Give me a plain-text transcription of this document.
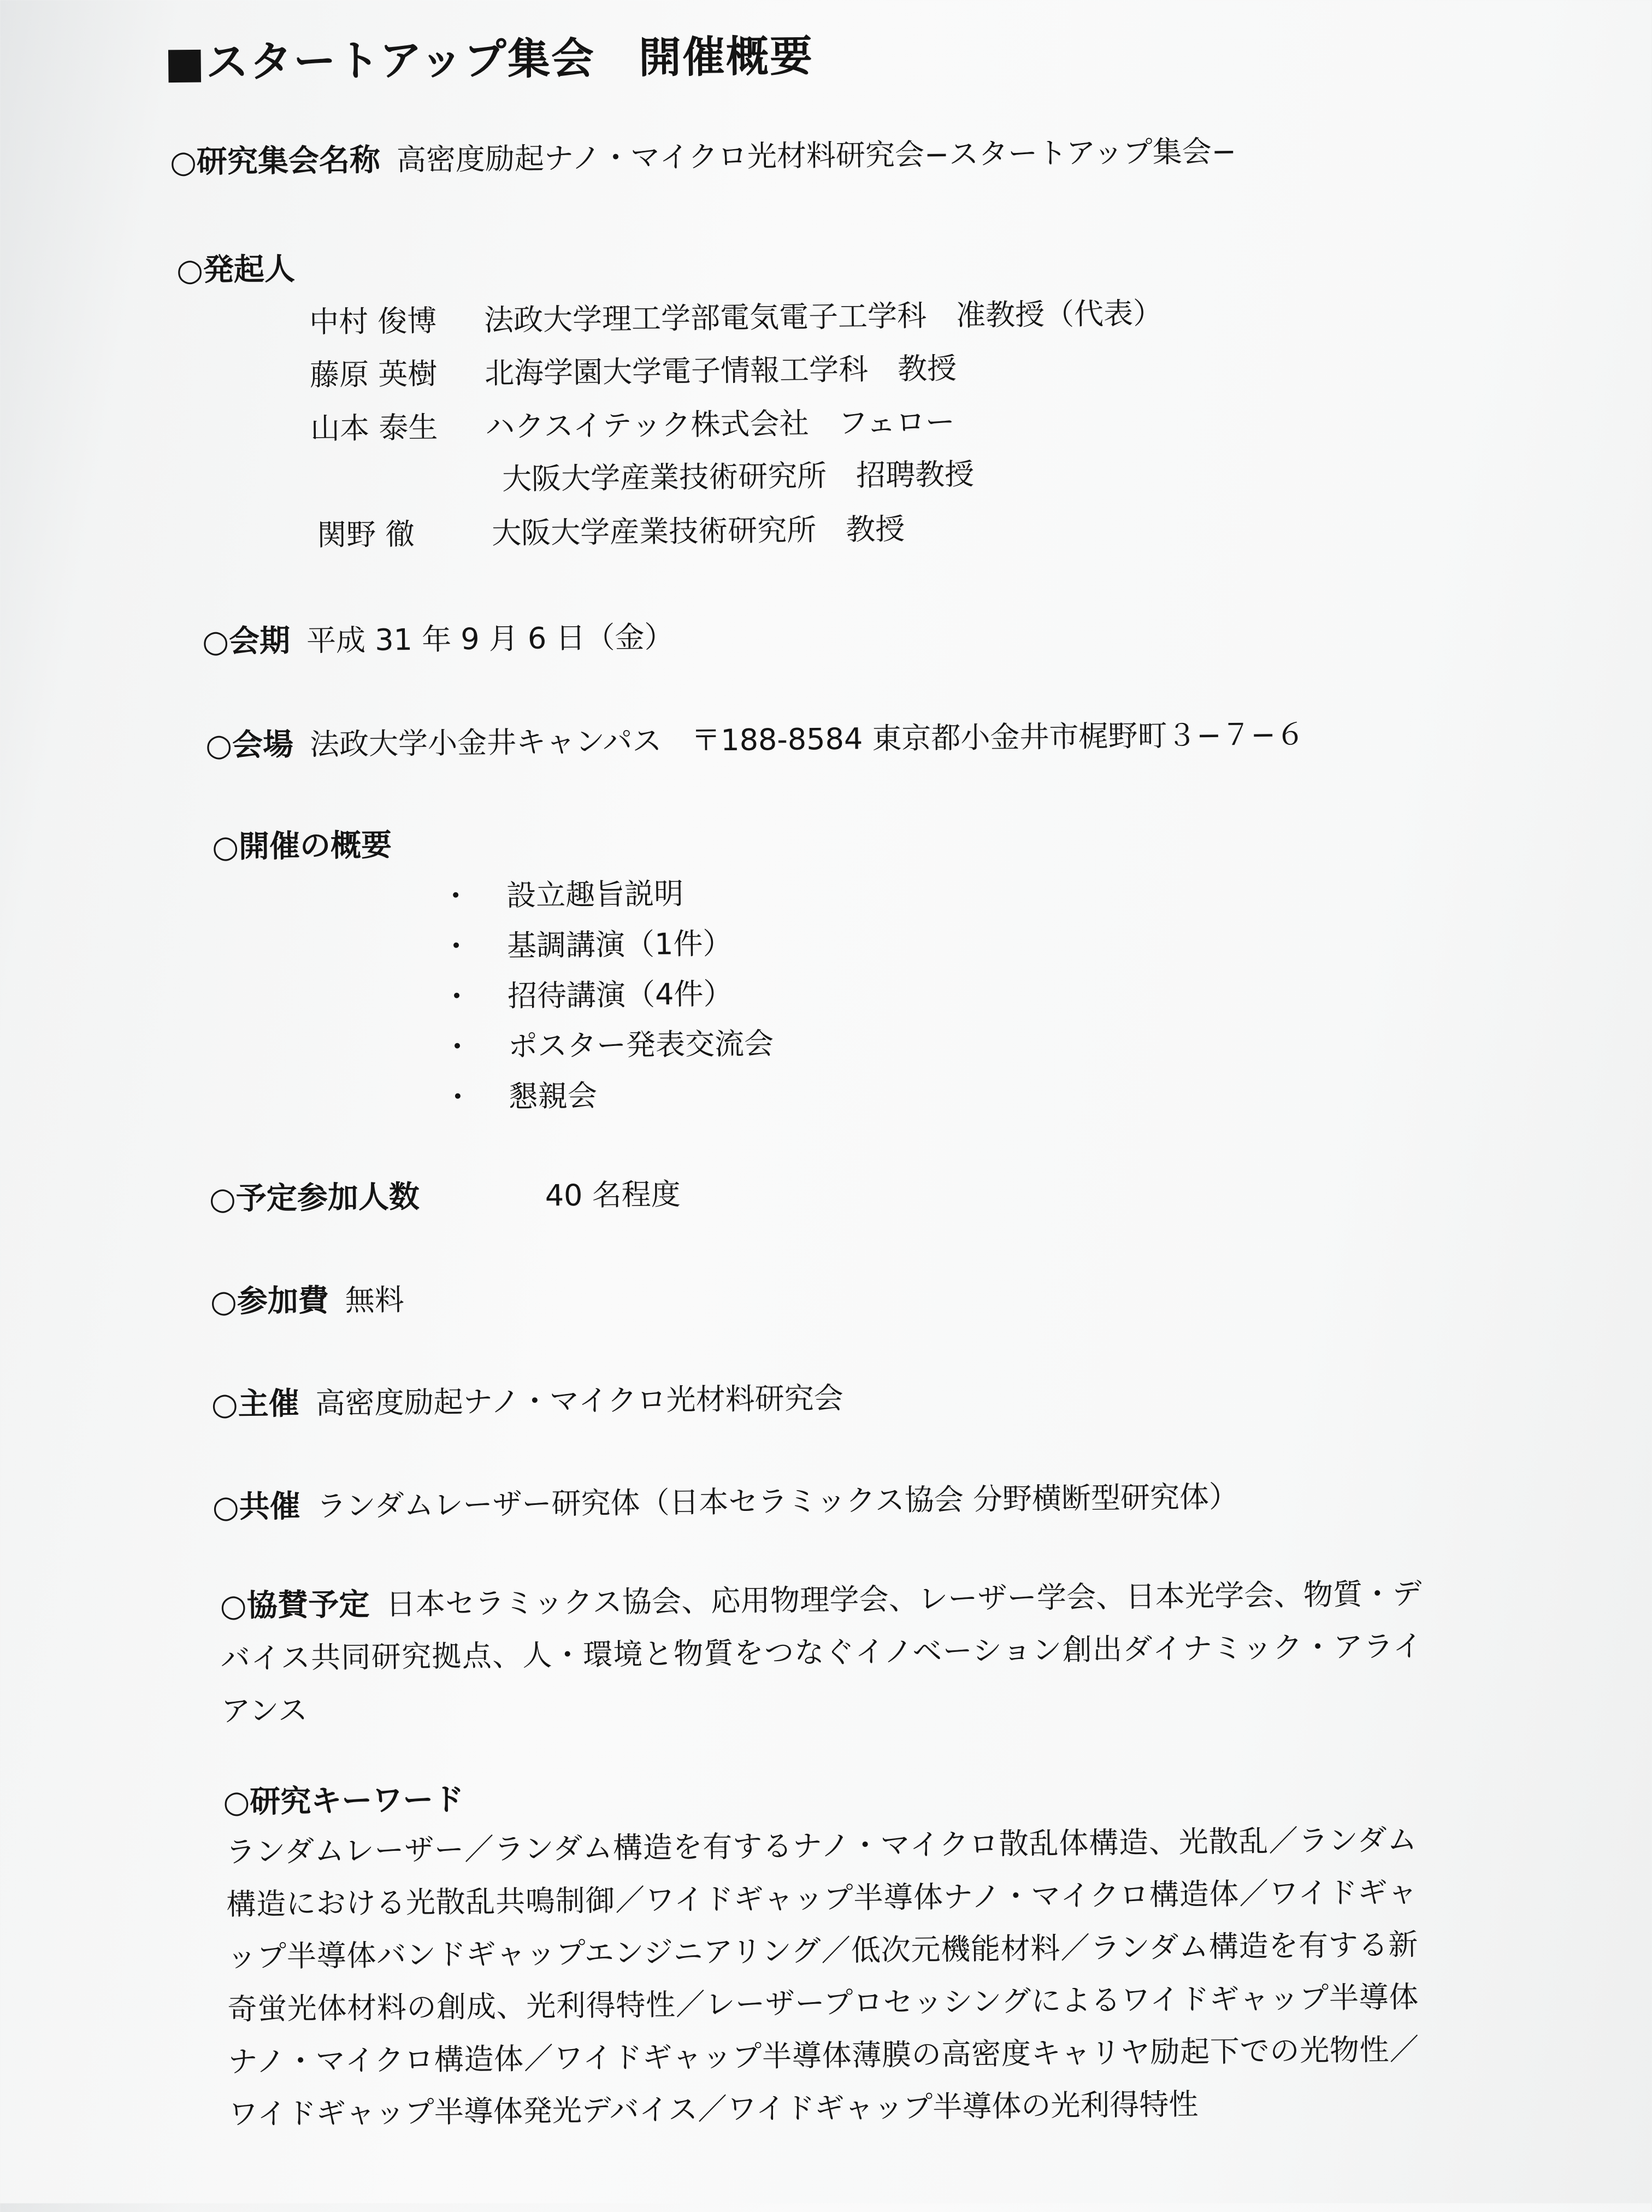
■スタートアップ集会　開催概要
○研究集会名称 高密度励起ナノ・マイクロ光材料研究会−スタートアップ集会−
○発起人
中村 俊博 法政大学理工学部電気電子工学科　准教授（代表）
藤原 英樹 北海学園大学電子情報工学科　教授
山本 泰生 ハクスイテック株式会社　フェロー
大阪大学産業技術研究所　招聘教授
関野 徹	大阪大学産業技術研究所　教授
○会期 平成 31 年 9 月 6 日（金）
○会場 法政大学小金井キャンパス　〒188-8584 東京都小金井市梶野町３−７−６
○開催の概要
・ 設立趣旨説明
・ 基調講演（1件）
・ 招待講演（4件）
・ ポスター発表交流会
・ 懇親会
○予定参加人数	40 名程度
○参加費 無料
○主催 高密度励起ナノ・マイクロ光材料研究会
○共催 ランダムレーザー研究体（日本セラミックス協会 分野横断型研究体）
○協賛予定 日本セラミックス協会、応用物理学会、レーザー学会、日本光学会、物質・デバイス共同研究拠点、人・環境と物質をつなぐイノベーション創出ダイナミック・アライアンス
○研究キーワード
ランダムレーザー／ランダム構造を有するナノ・マイクロ散乱体構造、光散乱／ランダム構造における光散乱共鳴制御／ワイドギャップ半導体ナノ・マイクロ構造体／ワイドギャップ半導体バンドギャップエンジニアリング／低次元機能材料／ランダム構造を有する新奇蛍光体材料の創成、光利得特性／レーザープロセッシングによるワイドギャップ半導体ナノ・マイクロ構造体／ワイドギャップ半導体薄膜の高密度キャリヤ励起下での光物性／ワイドギャップ半導体発光デバイス／ワイドギャップ半導体の光利得特性
